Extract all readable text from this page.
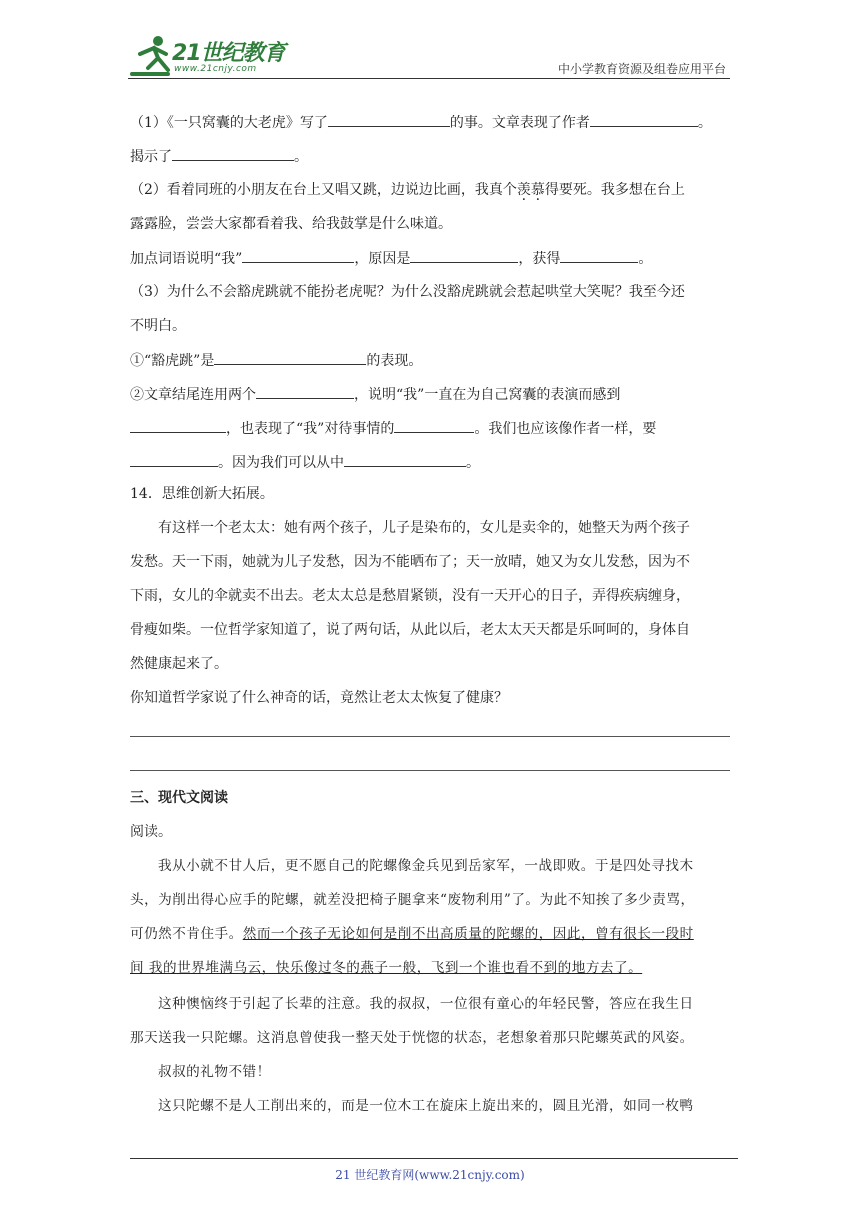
21世纪教育
www.21cnjy.com	中小学教育资源及组卷应用平台
（1）《一只窝囊的大老虎》写了	的事。文章表现了作者	。
揭示了	。
（2）看着同班的小朋友在台上又唱又跳，边说边比画，我真个羡慕得要死。我多想在台上
露露脸，尝尝大家都看着我、给我鼓掌是什么味道。
加点词语说明“我”	，原因是	，获得	。
（3）为什么不会豁虎跳就不能扮老虎呢？为什么没豁虎跳就会惹起哄堂大笑呢？我至今还
不明白。
①“豁虎跳”是	的表现。
②文章结尾连用两个	，说明“我”一直在为自己窝囊的表演而感到
，也表现了“我”对待事情的	。我们也应该像作者一样，要
。因为我们可以从中	。
14．思维创新大拓展。
有这样一个老太太：她有两个孩子，儿子是染布的，女儿是卖伞的，她整天为两个孩子
发愁。天一下雨，她就为儿子发愁，因为不能晒布了；天一放晴，她又为女儿发愁，因为不
下雨，女儿的伞就卖不出去。老太太总是愁眉紧锁，没有一天开心的日子，弄得疾病缠身，
骨瘦如柴。一位哲学家知道了，说了两句话，从此以后，老太太天天都是乐呵呵的，身体自
然健康起来了。
你知道哲学家说了什么神奇的话，竟然让老太太恢复了健康？
三、现代文阅读
阅读。
我从小就不甘人后，更不愿自己的陀螺像金兵见到岳家军，一战即败。于是四处寻找木
头，为削出得心应手的陀螺，就差没把椅子腿拿来“废物利用”了。为此不知挨了多少责骂，
可仍然不肯住手。然而一个孩子无论如何是削不出高质量的陀螺的，因此，曾有很长一段时
间 我的世界堆满乌云，快乐像过冬的燕子一般，飞到一个谁也看不到的地方去了。
这种懊恼终于引起了长辈的注意。我的叔叔，一位很有童心的年轻民警，答应在我生日
那天送我一只陀螺。这消息曾使我一整天处于恍惚的状态，老想象着那只陀螺英武的风姿。
叔叔的礼物不错！
这只陀螺不是人工削出来的，而是一位木工在旋床上旋出来的，圆且光滑，如同一枚鸭
21 世纪教育网(www.21cnjy.com)
